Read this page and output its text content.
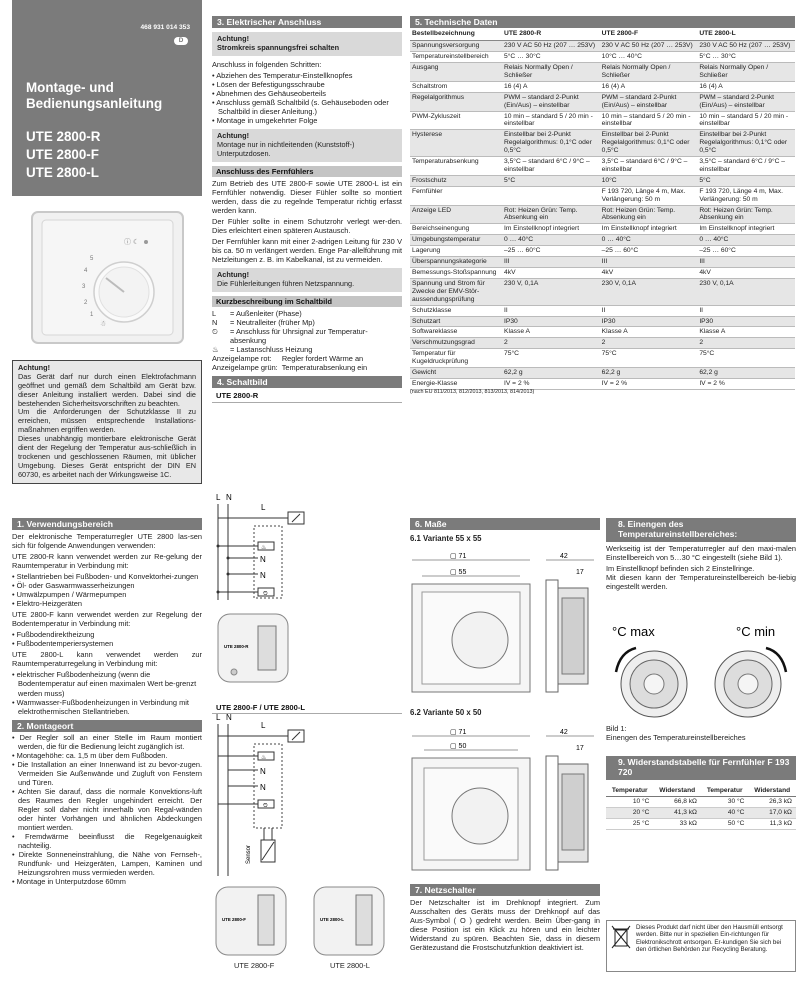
468 931 014 353
D
Montage- und
Bedienungsanleitung
UTE 2800-R
UTE 2800-F
UTE 2800-L
5
4
3
2
1
☃
ⓘ ☾
Achtung!

Das Gerät darf nur durch einen Elektrofachmann geöffnet und gemäß dem Schaltbild am Gerät bzw. dieser Anleitung installiert werden. Dabei sind die bestehenden Sicherheitsvorschriften zu beachten.

Um die Anforderungen der Schutzklasse II zu erreichen, müssen entsprechende Installations-maßnahmen ergriffen werden.

Dieses unabhängig montierbare elektronische Gerät dient der Regelung der Temperatur aus-schließlich in trockenen und geschlossenen Räumen, mit üblicher Umgebung. Dieses Gerät entspricht der DIN EN 60730, es arbeitet nach der Wirkungsweise 1C.

1. Verwendungsbereich

Der elektronische Temperaturregler UTE 2800 las-sen sich für folgende Anwendungen verwenden:

UTE 2800-R kann verwendet werden zur Re-gelung der Raumtemperatur in Verbindung mit:

• Stellantrieben bei Fußboden- und Konvektorhei-zungen
• Öl- oder Gaswarmwasserheizungen
• Umwälzpumpen / Wärmepumpen
• Elektro-Heizgeräten

UTE 2800-F kann verwendet werden zur Regelung der Bodentemperatur in Verbindung mit:

• Fußbodendirektheizung
• Fußbodentemperiersystemen

UTE 2800-L kann verwendet werden zur Raumtemperaturregelung in Verbindung mit:

• elektrischer Fußbodenheizung (wenn die Bodentemperatur auf einen maximalen Wert be-grenzt werden muss)
• Warmwasser-Fußbodenheizungen in Verbindung mit elektrothermischen Stellantrieben.
2. Montageort
• Der Regler soll an einer Stelle im Raum montiert werden, die für die Bedienung leicht zugänglich ist.
• Montagehöhe: ca. 1,5 m über dem Fußboden.
• Die Installation an einer Innenwand ist zu bevor-zugen. Vermeiden Sie Außenwände und Zugluft von Fenstern und Türen.
• Achten Sie darauf, dass die normale Konvektions-luft des Raumes den Regler ungehindert erreicht. Der Regler soll daher nicht innerhalb von Regal-wänden oder hinter Vorhängen und ähnlichen Abdeckungen montiert werden.
• Fremdwärme beeinflusst die Regelgenauigkeit nachteilig.
• Direkte Sonneneinstrahlung, die Nähe von Fernseh-, Rundfunk- und Heizgeräten, Lampen, Kaminen und Heizungsrohren muss vermieden werden.
• Montage in Unterputzdose 60mm
3. Elektrischer Anschluss
Achtung!
Stromkreis spannungsfrei schalten

Anschluss in folgenden Schritten:

• Abziehen des Temperatur-Einstellknopfes
• Lösen der Befestigungsschraube
• Abnehmen des Gehäuseoberteils
• Anschluss gemäß Schaltbild (s. Gehäuseboden oder Schaltbild in dieser Anleitung.)
• Montage in umgekehrter Folge
Achtung!
Montage nur in nichtleitenden (Kunststoff-) Unterputzdosen.
Anschluss des Fernfühlers

Zum Betrieb des UTE 2800-F sowie UTE 2800-L ist ein Fernfühler notwendig. Dieser Fühler sollte so montiert werden, dass die zu regelnde Temperatur richtig erfasst werden kann.

Der Fühler sollte in einem Schutzrohr verlegt wer-den. Dies erleichtert einen späteren Austausch.

Der Fernfühler kann mit einer 2-adrigen Leitung für 230 V bis ca. 50 m verlängert werden. Enge Par-allelführung mit Netzleitungen z. B. im Kabelkanal, ist zu vermeiden.

Achtung!
Die Fühlerleitungen führen Netzspannung.
Kurzbeschreibung im Schaltbild
L = Außenleiter (Phase)
N = Neutralleiter (früher Mp)
⏲	= Anschluss für Uhrsignal zur Temperatur-absenkung
♨ = Lastanschluss Heizung
Anzeigelampe rot:     Regler fordert Wärme an
Anzeigelampe grün:  Temperaturabsenkung ein
4. Schaltbild
UTE 2800-R
L N
L
♨
N
N
⏲
UTE 2800-R
UTE 2800-F / UTE 2800-L
L N
L
♨
N
N
⏲
Sensor
UTE 2800-F	UTE 2800-L
UTE 2800-F	UTE 2800-L
5. Technische Daten
Bestellbezeichnung	UTE 2800-R	UTE 2800-F	UTE 2800-L
Spannungsversorgung	230 V AC 50 Hz (207 … 253V)	230 V AC 50 Hz (207 … 253V)	230 V AC 50 Hz (207 … 253V)
Temperatureinstellbereich	5°C … 30°C	10°C … 40°C	5°C … 30°C
Ausgang	Relais Normally Open / Schließer	Relais Normally Open / Schließer	Relais Normally Open / Schließer
Schaltstrom	16 (4) A	16 (4) A	16 (4) A
Regelalgorithmus	PWM – standard 2-Punkt (Ein/Aus) – einstellbar	PWM – standard 2-Punkt (Ein/Aus) – einstellbar	PWM – standard 2-Punkt (Ein/Aus) – einstellbar
PWM-Zykluszeit	10 min – standard 5 / 20 min - einstellbar	10 min – standard 5 / 20 min - einstellbar	10 min – standard 5 / 20 min - einstellbar
Hysterese	Einstellbar bei 2-Punkt Regelalgorithmus: 0,1°C oder 0,5°C	Einstellbar bei 2-Punkt Regelalgorithmus: 0,1°C oder 0,5°C	Einstellbar bei 2-Punkt Regelalgorithmus: 0,1°C oder 0,5°C
Temperaturabsenkung	3,5°C – standard 6°C / 9°C – einstellbar	3,5°C – standard 6°C / 9°C – einstellbar	3,5°C – standard 6°C / 9°C – einstellbar
Frostschutz	5°C	10°C	5°C
Fernfühler		F 193 720, Länge 4 m, Max. Verlängerung: 50 m	F 193 720, Länge 4 m, Max. Verlängerung: 50 m
Anzeige LED	Rot: Heizen Grün: Temp. Absenkung ein	Rot: Heizen Grün: Temp. Absenkung ein	Rot: Heizen Grün: Temp. Absenkung ein
Bereichseinengung	Im Einstellknopf integriert	Im Einstellknopf integriert	Im Einstellknopf integriert
Umgebungstemperatur	0 … 40°C	0 … 40°C	0 … 40°C
Lagerung	–25 … 60°C	–25 … 60°C	–25 … 60°C
Überspannungskategorie	III	III	III
Bemessungs-Stoßspannung	4kV	4kV	4kV
Spannung und Strom für Zwecke der EMV-Stör-aussendungsprüfung	230 V, 0,1A	230 V, 0,1A	230 V, 0,1A
Schutzklasse	II	II	II
Schutzart	IP30	IP30	IP30
Softwareklasse	Klasse A	Klasse A	Klasse A
Verschmutzungsgrad	2	2	2
Temperatur für Kugeldruckprüfung	75°C	75°C	75°C
Gewicht	62,2 g	62,2 g	62,2 g
Energie-Klasse	IV = 2 %	IV = 2 %	IV = 2 %
(nach EU 811/2013, 812/2013, 813/2013, 814/2013)
6. Maße
6.1 Variante 55 x 55
▢ 71
▢ 55
42
17
6.2 Variante 50 x 50
▢ 71
▢ 50
42
17
7. Netzschalter

Der Netzschalter ist im Drehknopf integriert. Zum Ausschalten des Geräts muss der Drehknopf auf das Aus-Symbol ( O ) gedreht werden. Beim Über-gang in diese Position ist ein Klick zu hören und ein leichter Widerstand zu spüren. Beachten Sie, dass in diesem Gerätezustand die Frostschutzfunktion deaktiviert ist.

8. Einengen des Temperatureinstellbereiches:

Werkseitig ist der Temperaturregler auf den maxi-malen Einstellbereich von 5…30 °C eingestellt (siehe Bild 1).

Im Einstellknopf befinden sich 2 Einstellringe.

Mit diesen kann der Temperatureinstellbereich be-liebig eingestellt werden.

°C max	°C min
Bild 1:
Einengen des Temperatureinstellbereiches
9. Widerstandstabelle für Fernfühler F 193 720
Temperatur	Widerstand	Temperatur	Widerstand
10 °C	66,8 kΩ	30 °C	26,3 kΩ
20 °C	41,3 kΩ	40 °C	17,0 kΩ
25 °C	33 kΩ	50 °C	11,3 kΩ
Dieses Produkt darf nicht über den Hausmüll entsorgt werden. Bitte nur in speziellen Ein-richtungen für Elektronikschrott entsorgen. Er-kundigen Sie sich bei den örtlichen Behörden zur Recycling Beratung.
